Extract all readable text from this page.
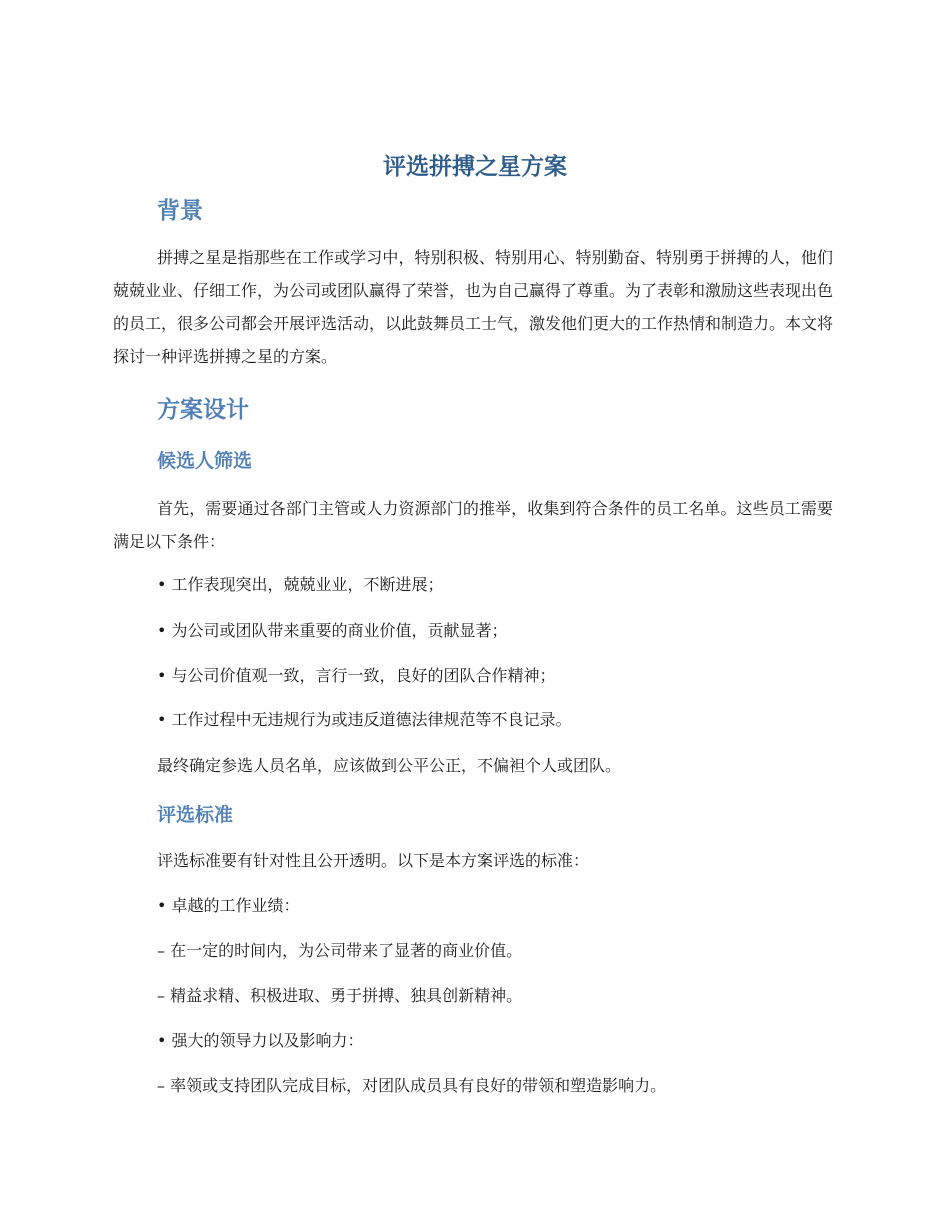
评选拼搏之星方案
背景

拼搏之星是指那些在工作或学习中，特别积极、特别用心、特别勤奋、特别勇于拼搏的人，他们兢兢业业、仔细工作，为公司或团队赢得了荣誉，也为自己赢得了尊重。为了表彰和激励这些表现出色的员工，很多公司都会开展评选活动，以此鼓舞员工士气，激发他们更大的工作热情和制造力。本文将探讨一种评选拼搏之星的方案。

方案设计
候选人筛选

首先，需要通过各部门主管或人力资源部门的推举，收集到符合条件的员工名单。这些员工需要满足以下条件：

• 工作表现突出，兢兢业业，不断进展；

• 为公司或团队带来重要的商业价值，贡献显著；

• 与公司价值观一致，言行一致，良好的团队合作精神；

• 工作过程中无违规行为或违反道德法律规范等不良记录。

最终确定参选人员名单，应该做到公平公正，不偏袒个人或团队。

评选标准

评选标准要有针对性且公开透明。以下是本方案评选的标准：

• 卓越的工作业绩：

– 在一定的时间内，为公司带来了显著的商业价值。

– 精益求精、积极进取、勇于拼搏、独具创新精神。

• 强大的领导力以及影响力：

– 率领或支持团队完成目标，对团队成员具有良好的带领和塑造影响力。
